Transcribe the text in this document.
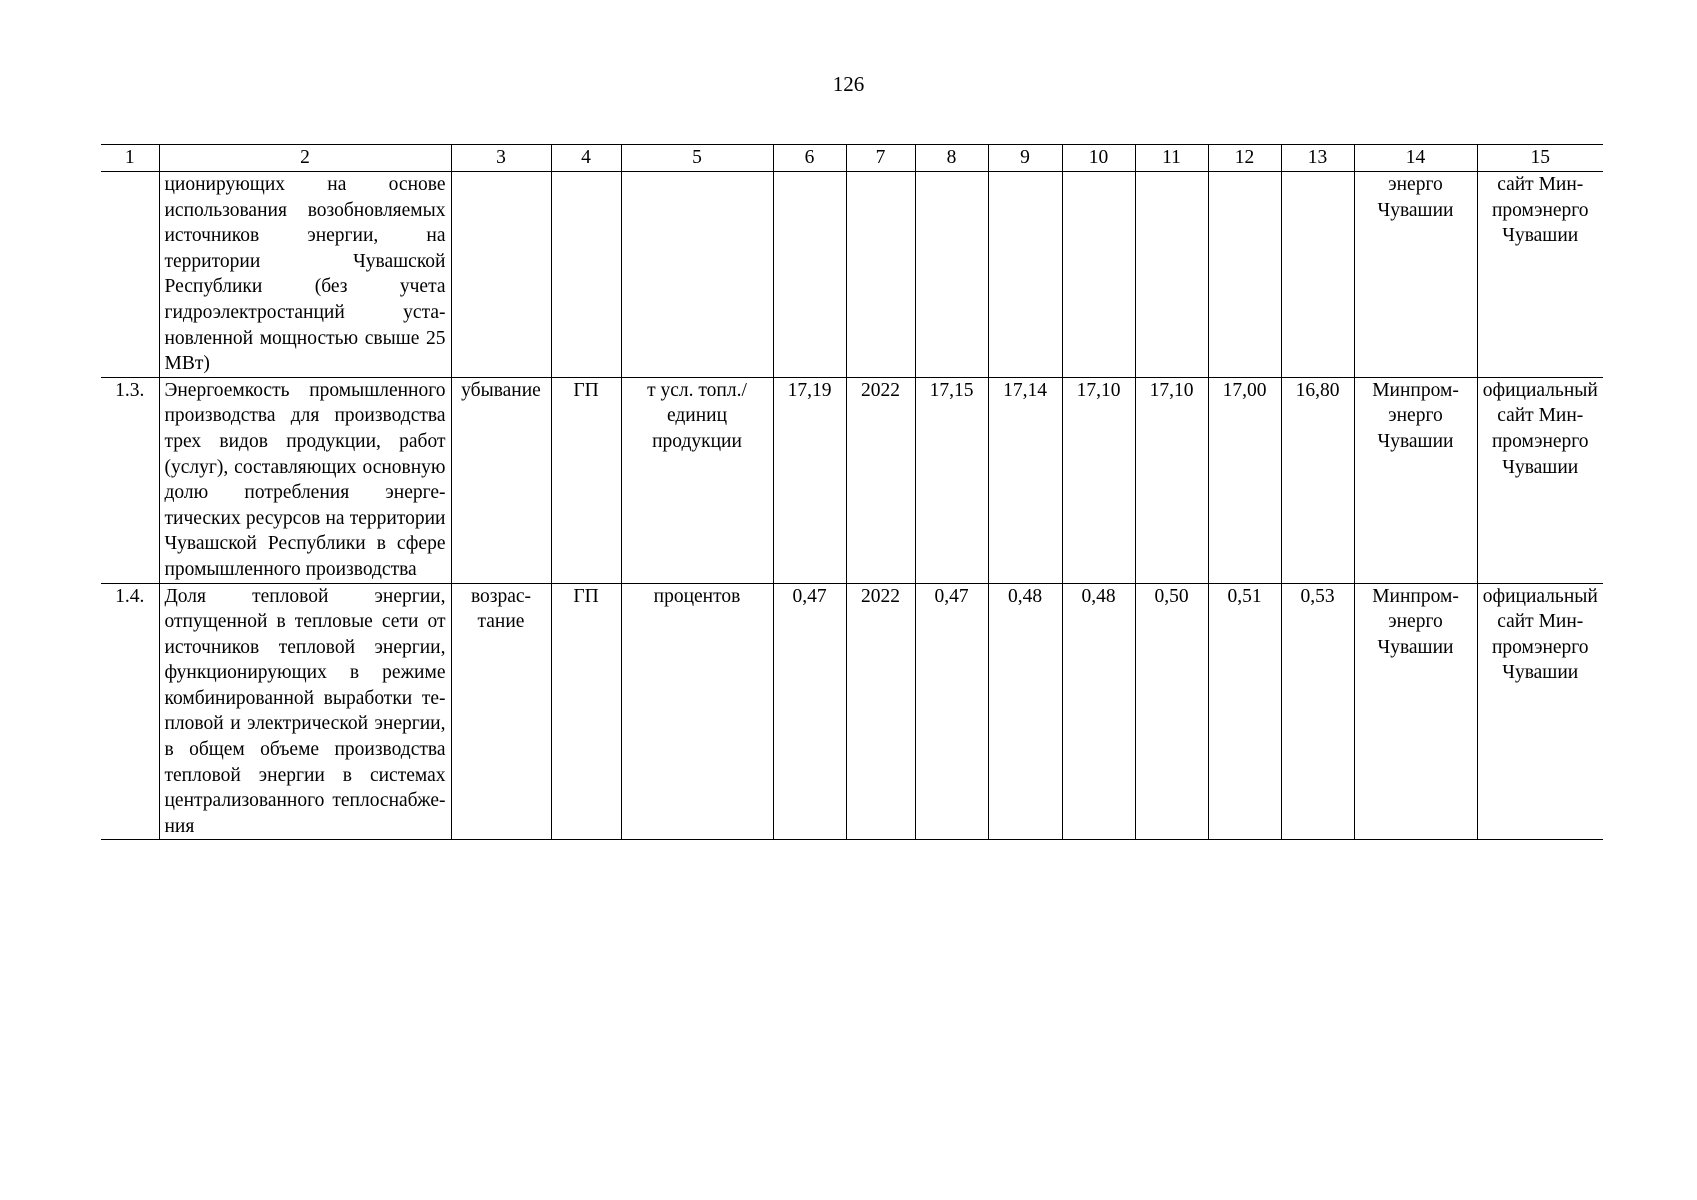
126
1	2	3	4	5	6	7	8	9	10	11	12	13	14	15
	ционирующих на основе использования возобновляемых источников энергии, на территории Чувашской Республики (без учета гидроэлектростанций установленной мощностью свыше 25 МВт)												энерго Чувашии	сайт Минпромэнерго Чувашии
1.3.	Энергоемкость промышленного производства для производства трех видов продукции, работ (услуг), составляющих основную долю потребления энергетических ресурсов на территории Чувашской Республики в сфере промышленного производства	убывание	ГП	т усл. топл./единиц продукции	17,19	2022	17,15	17,14	17,10	17,10	17,00	16,80	Минпромэнерго Чувашии	официальный сайт Минпромэнерго Чувашии
1.4.	Доля тепловой энергии, отпущенной в тепловые сети от источников тепловой энергии, функционирующих в режиме комбинированной выработки тепловой и электрической энергии, в общем объеме производства тепловой энергии в системах централизованного теплоснабжения	возрастание	ГП	процентов	0,47	2022	0,47	0,48	0,48	0,50	0,51	0,53	Минпромэнерго Чувашии	официальный сайт Минпромэнерго Чувашии
